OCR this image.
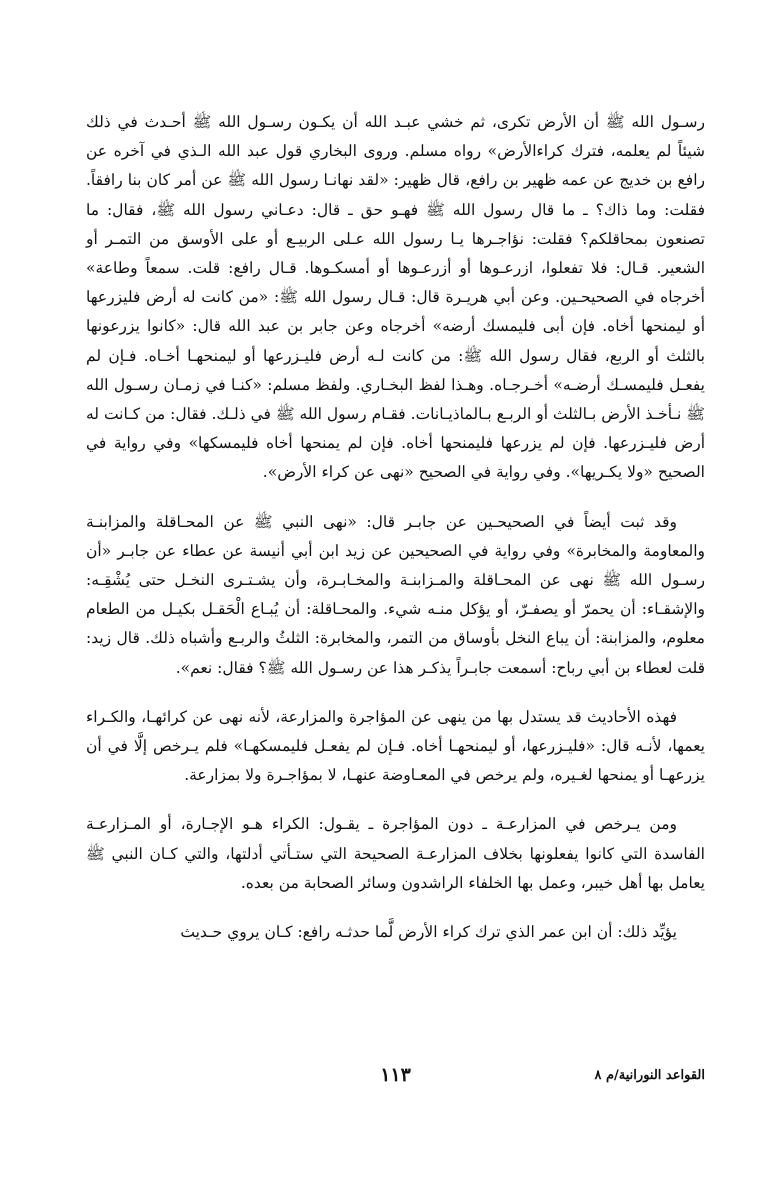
رسـول الله ﷺ أن الأرض تكرى، ثم خشي عبـد الله أن يكـون رسـول الله ﷺ أحـدث في ذلك شيئاً لم يعلمه، فترك كراءالأرض» رواه مسلم. وروى البخاري قول عبد الله الـذي في آخره عن رافع بن خديج عن عمه ظهير بن رافع، قال ظهير: «لقد نهانـا رسول الله ﷺ عن أمر كان بنا رافقاً. فقلت: وما ذاك؟ ـ ما قال رسول الله ﷺ فهـو حق ـ قال: دعـاني رسول الله ﷺ، فقال: ما تصنعون بمحاقلكم؟ فقلت: نؤاجـرها يـا رسول الله عـلى الربيـع أو على الأوسق من التمـر أو الشعير. قـال: فلا تفعلوا، ازرعـوها أو أزرعـوها أو أمسكـوها. قـال رافع: قلت. سمعاً وطاعة» أخرجاه في الصحيحـين. وعن أبي هريـرة قال: قـال رسول الله ﷺ: «من كانت له أرض فليزرعها أو ليمنحها أخاه. فإن أبى فليمسك أرضه» أخرجاه وعن جابر بن عبد الله قال: «كانوا يزرعونها بالثلث أو الربع، فقال رسول الله ﷺ: من كانت لـه أرض فليـزرعها أو ليمنحهـا أخـاه. فـإن لم يفعـل فليمسـك أرضـه» أخـرجـاه. وهـذا لفظ البخـاري. ولفظ مسلم: «كنـا في زمـان رسـول الله ﷺ نـأخـذ الأرض بـالثلث أو الربـع بـالماذيـانات. فقـام رسول الله ﷺ في ذلـك. فقال: من كـانت له أرض فليـزرعها. فإن لم يزرعها فليمنحها أخاه. فإن لم يمنحها أخاه فليمسكها» وفي رواية في الصحيح «ولا يكـريها». وفي رواية في الصحيح «نهى عن كراء الأرض».

وقد ثبت أيضاً في الصحيحـين عن جابـر قال: «نهى النبي ﷺ عن المحـاقلة والمزابنـة والمعاومة والمخابرة» وفي رواية في الصحيحين عن زيد ابن أبي أنيسة عن عطاء عن جابـر «أن رسـول الله ﷺ نهى عن المحـاقلة والمـزابنـة والمخـابـرة، وأن يشـتـرى النخـل حتى يُشْقِـه: والإشقـاء: أن يحمرّ أو يصفـرّ، أو يؤكل منـه شيء. والمحـاقلة: أن يُبـاع الْحَقـل بكيـل من الطعام معلوم، والمزابنة: أن يباع النخل بأوساق من التمر، والمخابرة: الثلثُ والربـع وأشباه ذلك. قال زيد: قلت لعطاء بن أبي رباح: أسمعت جابـراً يذكـر هذا عن رسـول الله ﷺ؟ فقال: نعم».

فهذه الأحاديث قد يستدل بها من ينهى عن المؤاجرة والمزارعة، لأنه نهى عن كرائهـا، والكـراء يعمها، لأنـه قال: «فليـزرعها، أو ليمنحهـا أخاه. فـإن لم يفعـل فليمسكهـا» فلم يـرخص إلَّا في أن يزرعهـا أو يمنحها لغـيره، ولم يرخص في المعـاوضة عنهـا، لا بمؤاجـرة ولا بمزارعة.

ومن يـرخص في المزارعـة ـ دون المؤاجرة ـ يقـول: الكراء هـو الإجـارة، أو المـزارعـة الفاسدة التي كانوا يفعلونها بخلاف المزارعـة الصحيحة التي ستـأتي أدلتها، والتي كـان النبي ﷺ يعامل بها أهل خيبر، وعمل بها الخلفاء الراشدون وسائر الصحابة من بعده.

يؤيِّد ذلك: أن ابن عمر الذي ترك كراء الأرض لَّما حدثـه رافع: كـان يروي حـديث

القواعد النورانية/م ٨
١١٣
